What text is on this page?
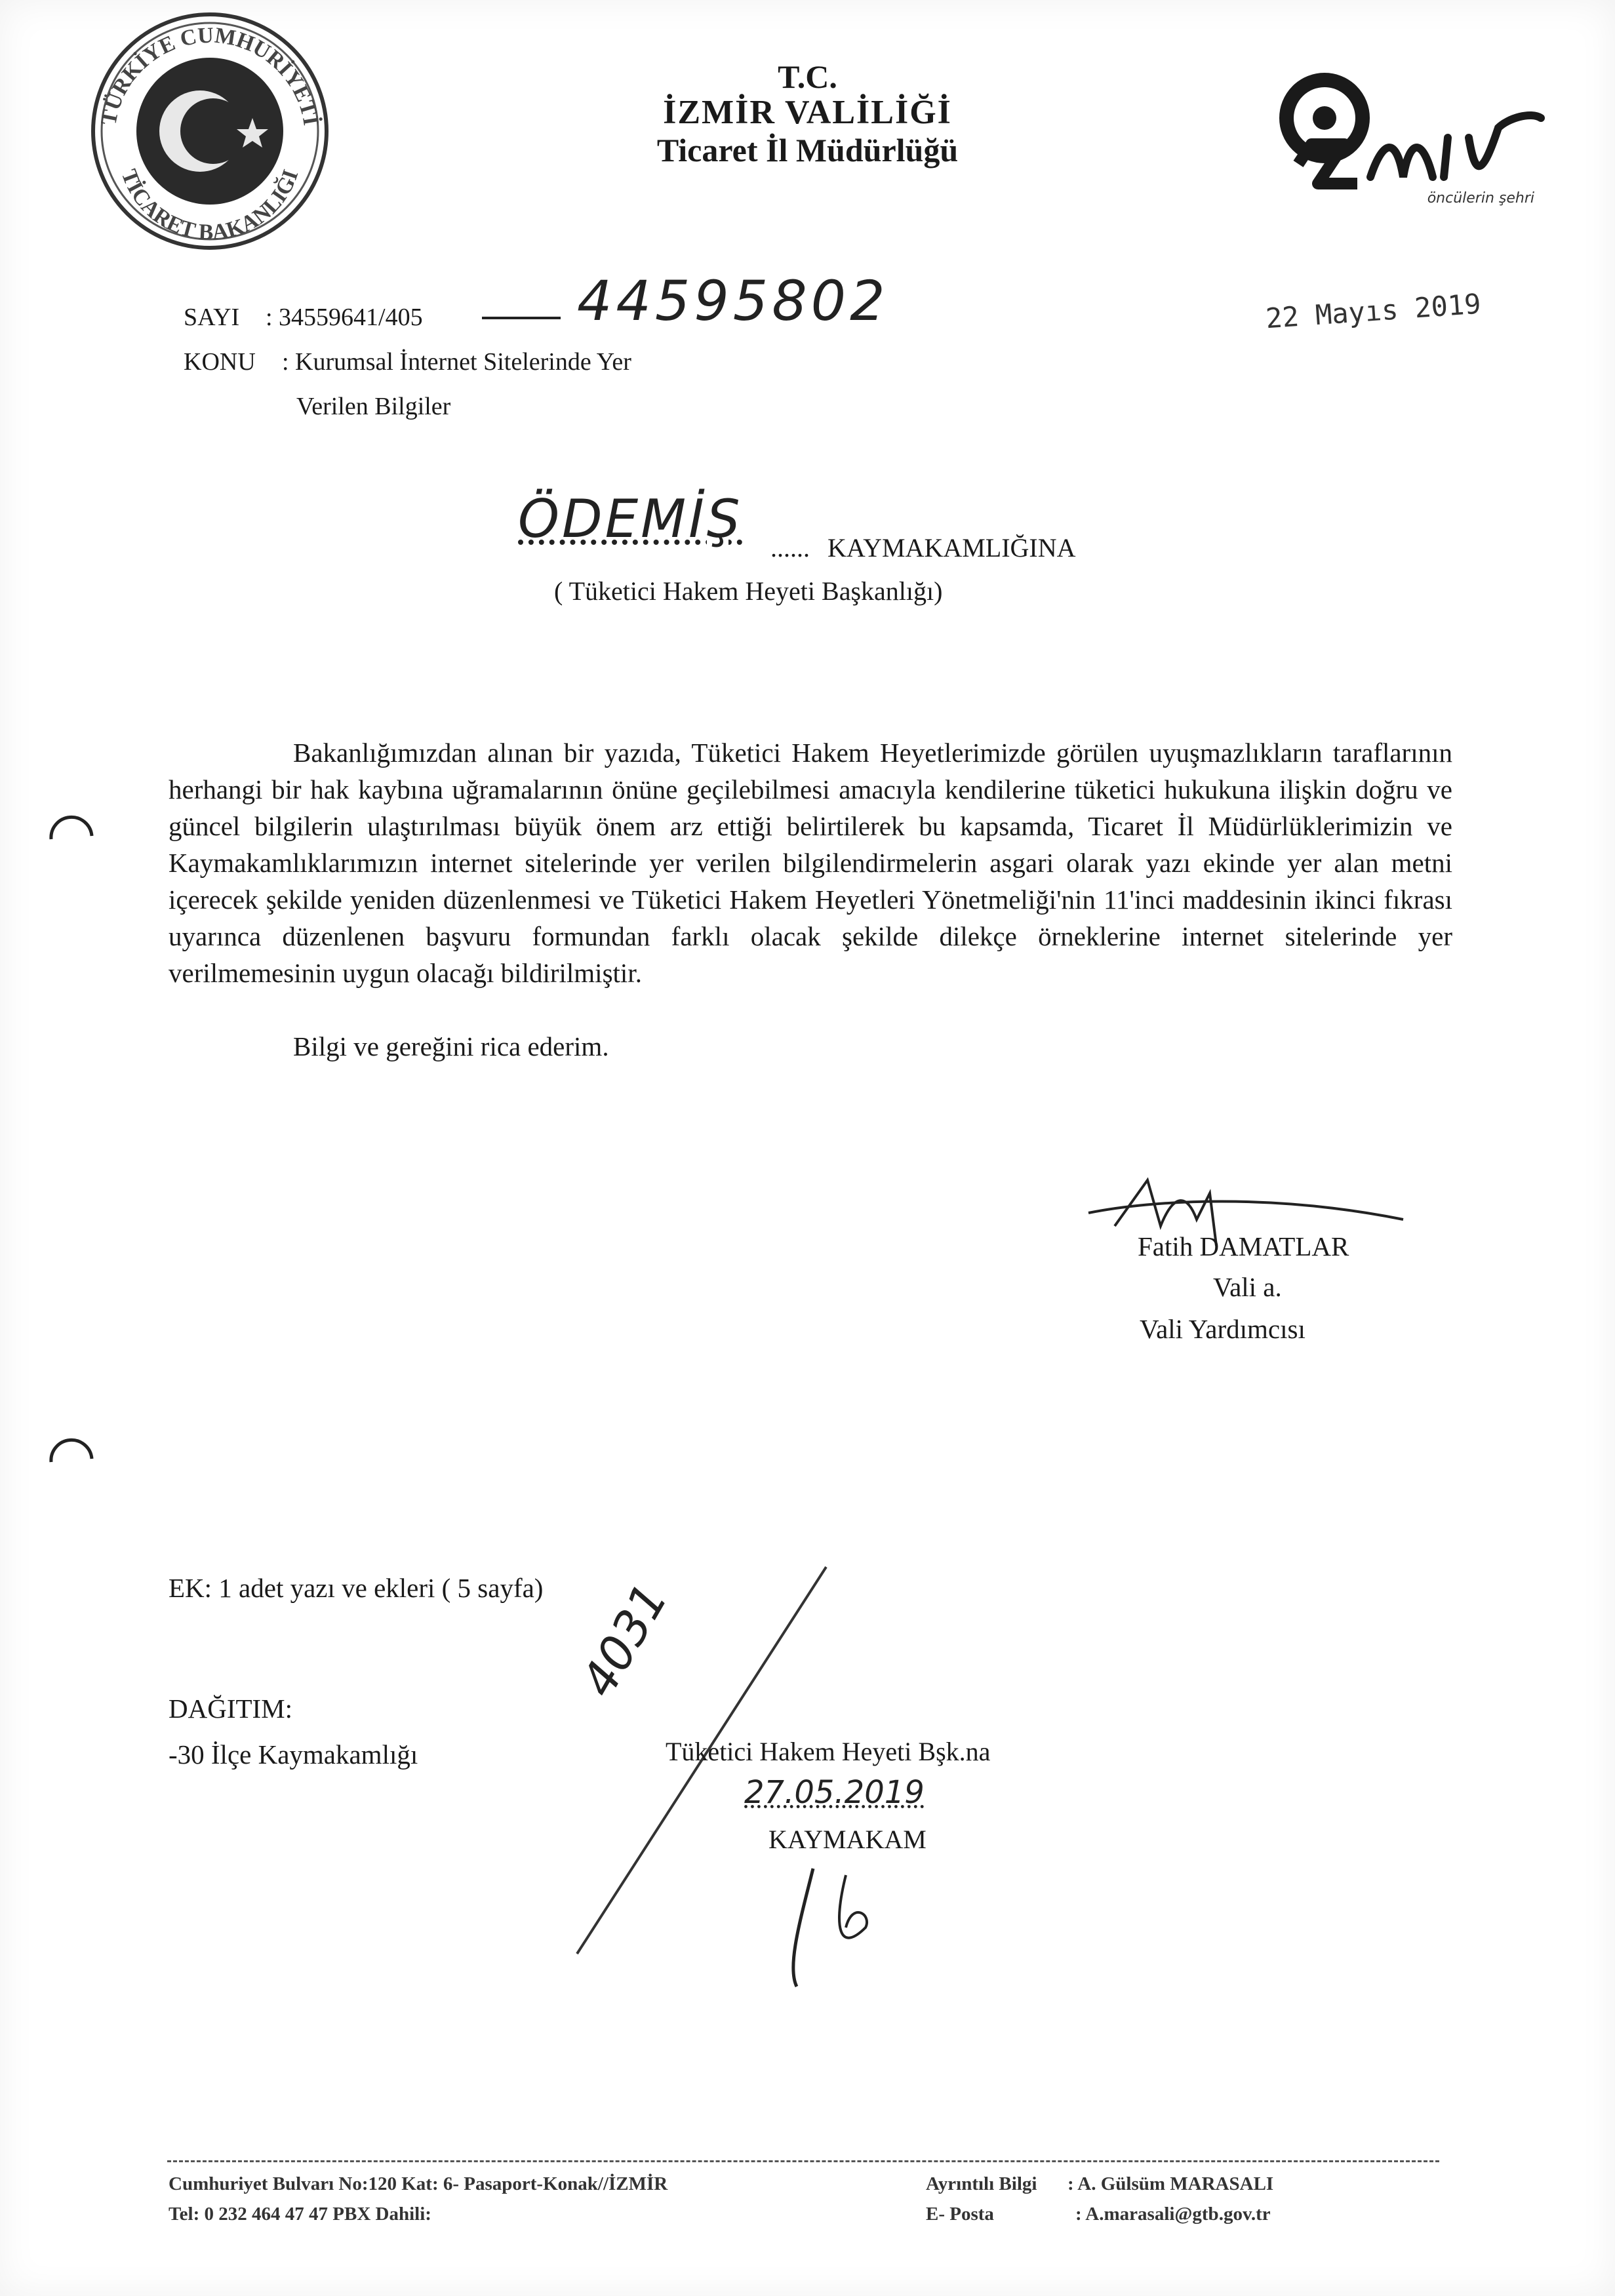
TÜRKİYE CUMHURİYETİ
TİCARET BAKANLIĞI
T.C.
İZMİR VALİLİĞİ
Ticaret İl Müdürlüğü
öncülerin şehri
SAYI : 34559641/405	44595802	22 Mayıs 2019
KONU : Kurumsal İnternet Sitelerinde Yer
Verilen Bilgiler
ÖDEMİŞ ...... KAYMAKAMLIĞINA
( Tüketici Hakem Heyeti Başkanlığı)

Bakanlığımızdan alınan bir yazıda, Tüketici Hakem Heyetlerimizde görülen uyuşmazlıkların taraflarının herhangi bir hak kaybına uğramalarının önüne geçilebilmesi amacıyla kendilerine tüketici hukukuna ilişkin doğru ve güncel bilgilerin ulaştırılması büyük önem arz ettiği belirtilerek bu kapsamda, Ticaret İl Müdürlüklerimizin ve Kaymakamlıklarımızın internet sitelerinde yer verilen bilgilendirmelerin asgari olarak yazı ekinde yer alan metni içerecek şekilde yeniden düzenlenmesi ve Tüketici Hakem Heyetleri Yönetmeliği'nin 11'inci maddesinin ikinci fıkrası uyarınca düzenlenen başvuru formundan farklı olacak şekilde dilekçe örneklerine internet sitelerinde yer verilmemesinin uygun olacağı bildirilmiştir.

Bilgi ve gereğini rica ederim.

Fatih DAMATLAR
Vali a.
Vali Yardımcısı
EK: 1 adet yazı ve ekleri ( 5 sayfa)
DAĞITIM:
-30 İlçe Kaymakamlığı
4031
Tüketici Hakem Heyeti Bşk.na
27.05.2019
KAYMAKAM
Cumhuriyet Bulvarı No:120 Kat: 6- Pasaport-Konak//İZMİR
Tel: 0 232 464 47 47 PBX Dahili:
Ayrıntılı Bilgi : A. Gülsüm MARASALI
E- Posta	: A.marasali@gtb.gov.tr
